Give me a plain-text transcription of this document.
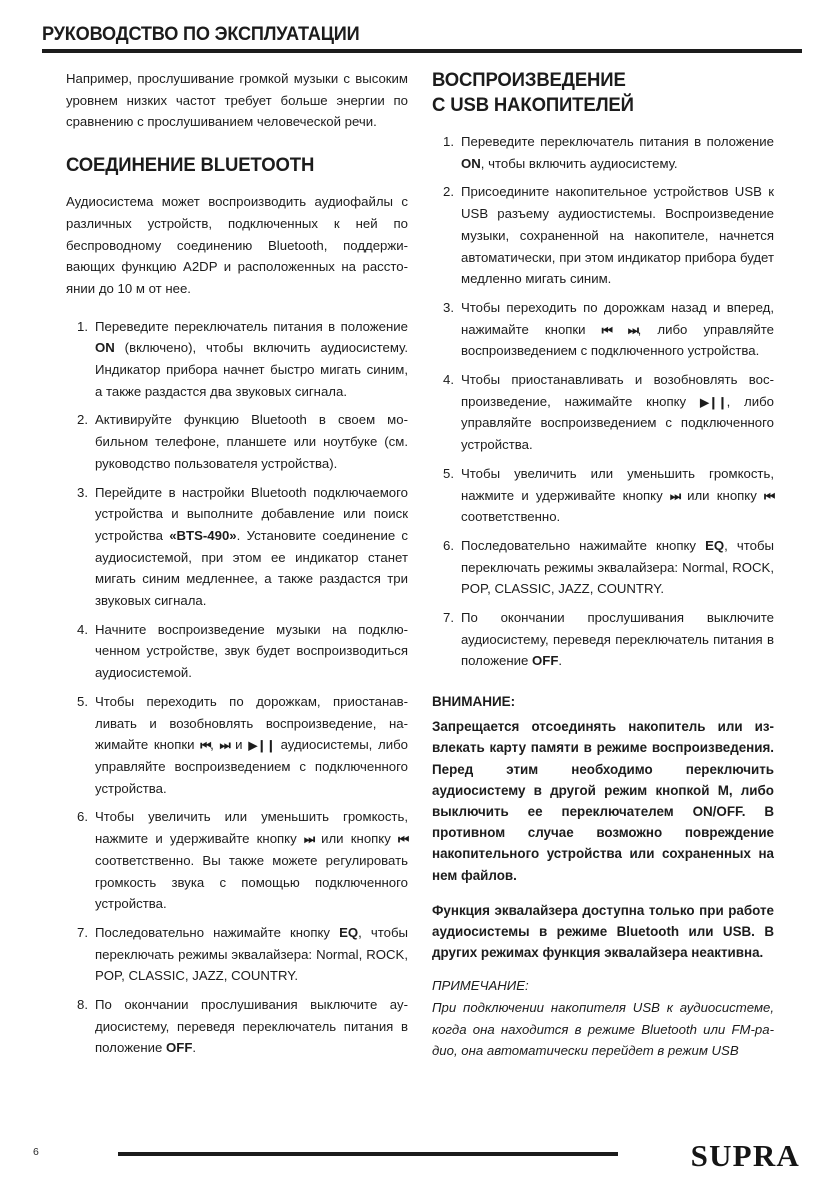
РУКОВОДСТВО ПО ЭКСПЛУАТАЦИИ

Например, прослушивание громкой музыки с высоким уровнем низких частот требует больше энергии по сравнению с прослушиванием человеческой речи.

СОЕДИНЕНИЕ BLUETOOTH

Аудиосистема может воспроизводить аудиофайлы с различных устройств, подключенных к ней по беспроводному соединению Bluetooth, поддерживающих функцию A2DP и расположенных на расстоянии до 10 м от нее.

1. Переведите переключатель питания в положение ON (включено), чтобы включить аудиосистему. Индикатор прибора начнет быстро мигать синим, а также раздастся два звуковых сигнала.
2. Активируйте функцию Bluetooth в своем мобильном телефоне, планшете или ноутбуке (см. руководство пользователя устройства).
3. Перейдите в настройки Bluetooth подключаемого устройства и выполните добавление или поиск устройства «BTS-490». Установите соединение с аудиосистемой, при этом ее индикатор станет мигать синим медленнее, а также раздастся три звуковых сигнала.
4. Начните воспроизведение музыки на подключенном устройстве, звук будет воспроизводиться аудиосистемой.
5. Чтобы переходить по дорожкам, приостанавливать и возобновлять воспроизведение, нажимайте кнопки ⏮, ⏭ и ▶❙❙ аудиосистемы, либо управляйте воспроизведением с подключенного устройства.
6. Чтобы увеличить или уменьшить громкость, нажмите и удерживайте кнопку ⏭ или кнопку ⏮ соответственно. Вы также можете регулировать громкость звука с помощью подключенного устройства.
7. Последовательно нажимайте кнопку EQ, чтобы переключать режимы эквалайзера: Normal, ROCK, POP, CLASSIC, JAZZ, COUNTRY.
8. По окончании прослушивания выключите аудиосистему, переведя переключатель питания в положение OFF.
ВОСПРОИЗВЕДЕНИЕ
С USB НАКОПИТЕЛЕЙ
1. Переведите переключатель питания в положение ON, чтобы включить аудиосистему.
2. Присоедините накопительное устройствов USB к USB разъему аудиостистемы. Воспроизведение музыки, сохраненной на накопителе, начнется автоматически, при этом индикатор прибора будет медленно мигать синим.
3. Чтобы переходить по дорожкам назад и вперед, нажимайте кнопки ⏮ ⏭, либо управляйте воспроизведением с подключенного устройства.
4. Чтобы приостанавливать и возобновлять воспроизведение, нажимайте кнопку ▶❙❙, либо управляйте воспроизведением с подключенного устройства.
5. Чтобы увеличить или уменьшить громкость, нажмите и удерживайте кнопку ⏭ или кнопку ⏮ соответственно.
6. Последовательно нажимайте кнопку EQ, чтобы переключать режимы эквалайзера: Normal, ROCK, POP, CLASSIC, JAZZ, COUNTRY.
7. По окончании прослушивания выключите аудиосистему, переведя переключатель питания в положение OFF.
ВНИМАНИЕ:
Запрещается отсоединять накопитель или извлекать карту памяти в режиме воспроизведения. Перед этим необходимо переключить аудиосистему в другой режим кнопкой M, либо выключить ее переключателем ON/OFF. В противном случае возможно повреждение накопительного устройства или сохраненных на нем файлов.
Функция эквалайзера доступна только при работе аудиосистемы в режиме Bluetooth или USB. В других режимах функция эквалайзера неактивна.
ПРИМЕЧАНИЕ:
При подключении накопителя USB к аудиосистеме, когда она находится в режиме Bluetooth или FM-радио, она автоматически перейдет в режим USB
6	SUPRA
